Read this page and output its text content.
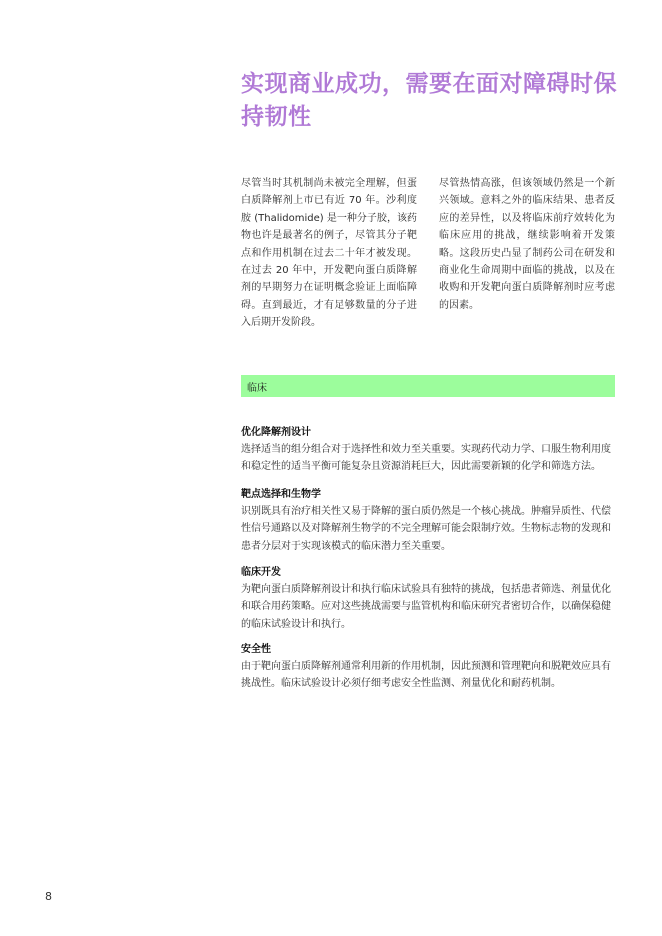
实现商业成功，需要在面对障碍时保持韧性

尽管当时其机制尚未被完全理解，但蛋白质降解剂上市已有近 70 年。沙利度胺 (Thalidomide) 是一种分子胶，该药物也许是最著名的例子，尽管其分子靶点和作用机制在过去二十年才被发现。在过去 20 年中，开发靶向蛋白质降解剂的早期努力在证明概念验证上面临障碍。直到最近，才有足够数量的分子进入后期开发阶段。

尽管热情高涨，但该领域仍然是一个新兴领域。意料之外的临床结果、患者反应的差异性，以及将临床前疗效转化为临床应用的挑战，继续影响着开发策略。这段历史凸显了制药公司在研发和商业化生命周期中面临的挑战，以及在收购和开发靶向蛋白质降解剂时应考虑的因素。

临床
优化降解剂设计

选择适当的组分组合对于选择性和效力至关重要。实现药代动力学、口服生物利用度和稳定性的适当平衡可能复杂且资源消耗巨大，因此需要新颖的化学和筛选方法。

靶点选择和生物学

识别既具有治疗相关性又易于降解的蛋白质仍然是一个核心挑战。肿瘤异质性、代偿性信号通路以及对降解剂生物学的不完全理解可能会限制疗效。生物标志物的发现和患者分层对于实现该模式的临床潜力至关重要。

临床开发

为靶向蛋白质降解剂设计和执行临床试验具有独特的挑战，包括患者筛选、剂量优化和联合用药策略。应对这些挑战需要与监管机构和临床研究者密切合作，以确保稳健的临床试验设计和执行。

安全性

由于靶向蛋白质降解剂通常利用新的作用机制，因此预测和管理靶向和脱靶效应具有挑战性。临床试验设计必须仔细考虑安全性监测、剂量优化和耐药机制。

8
